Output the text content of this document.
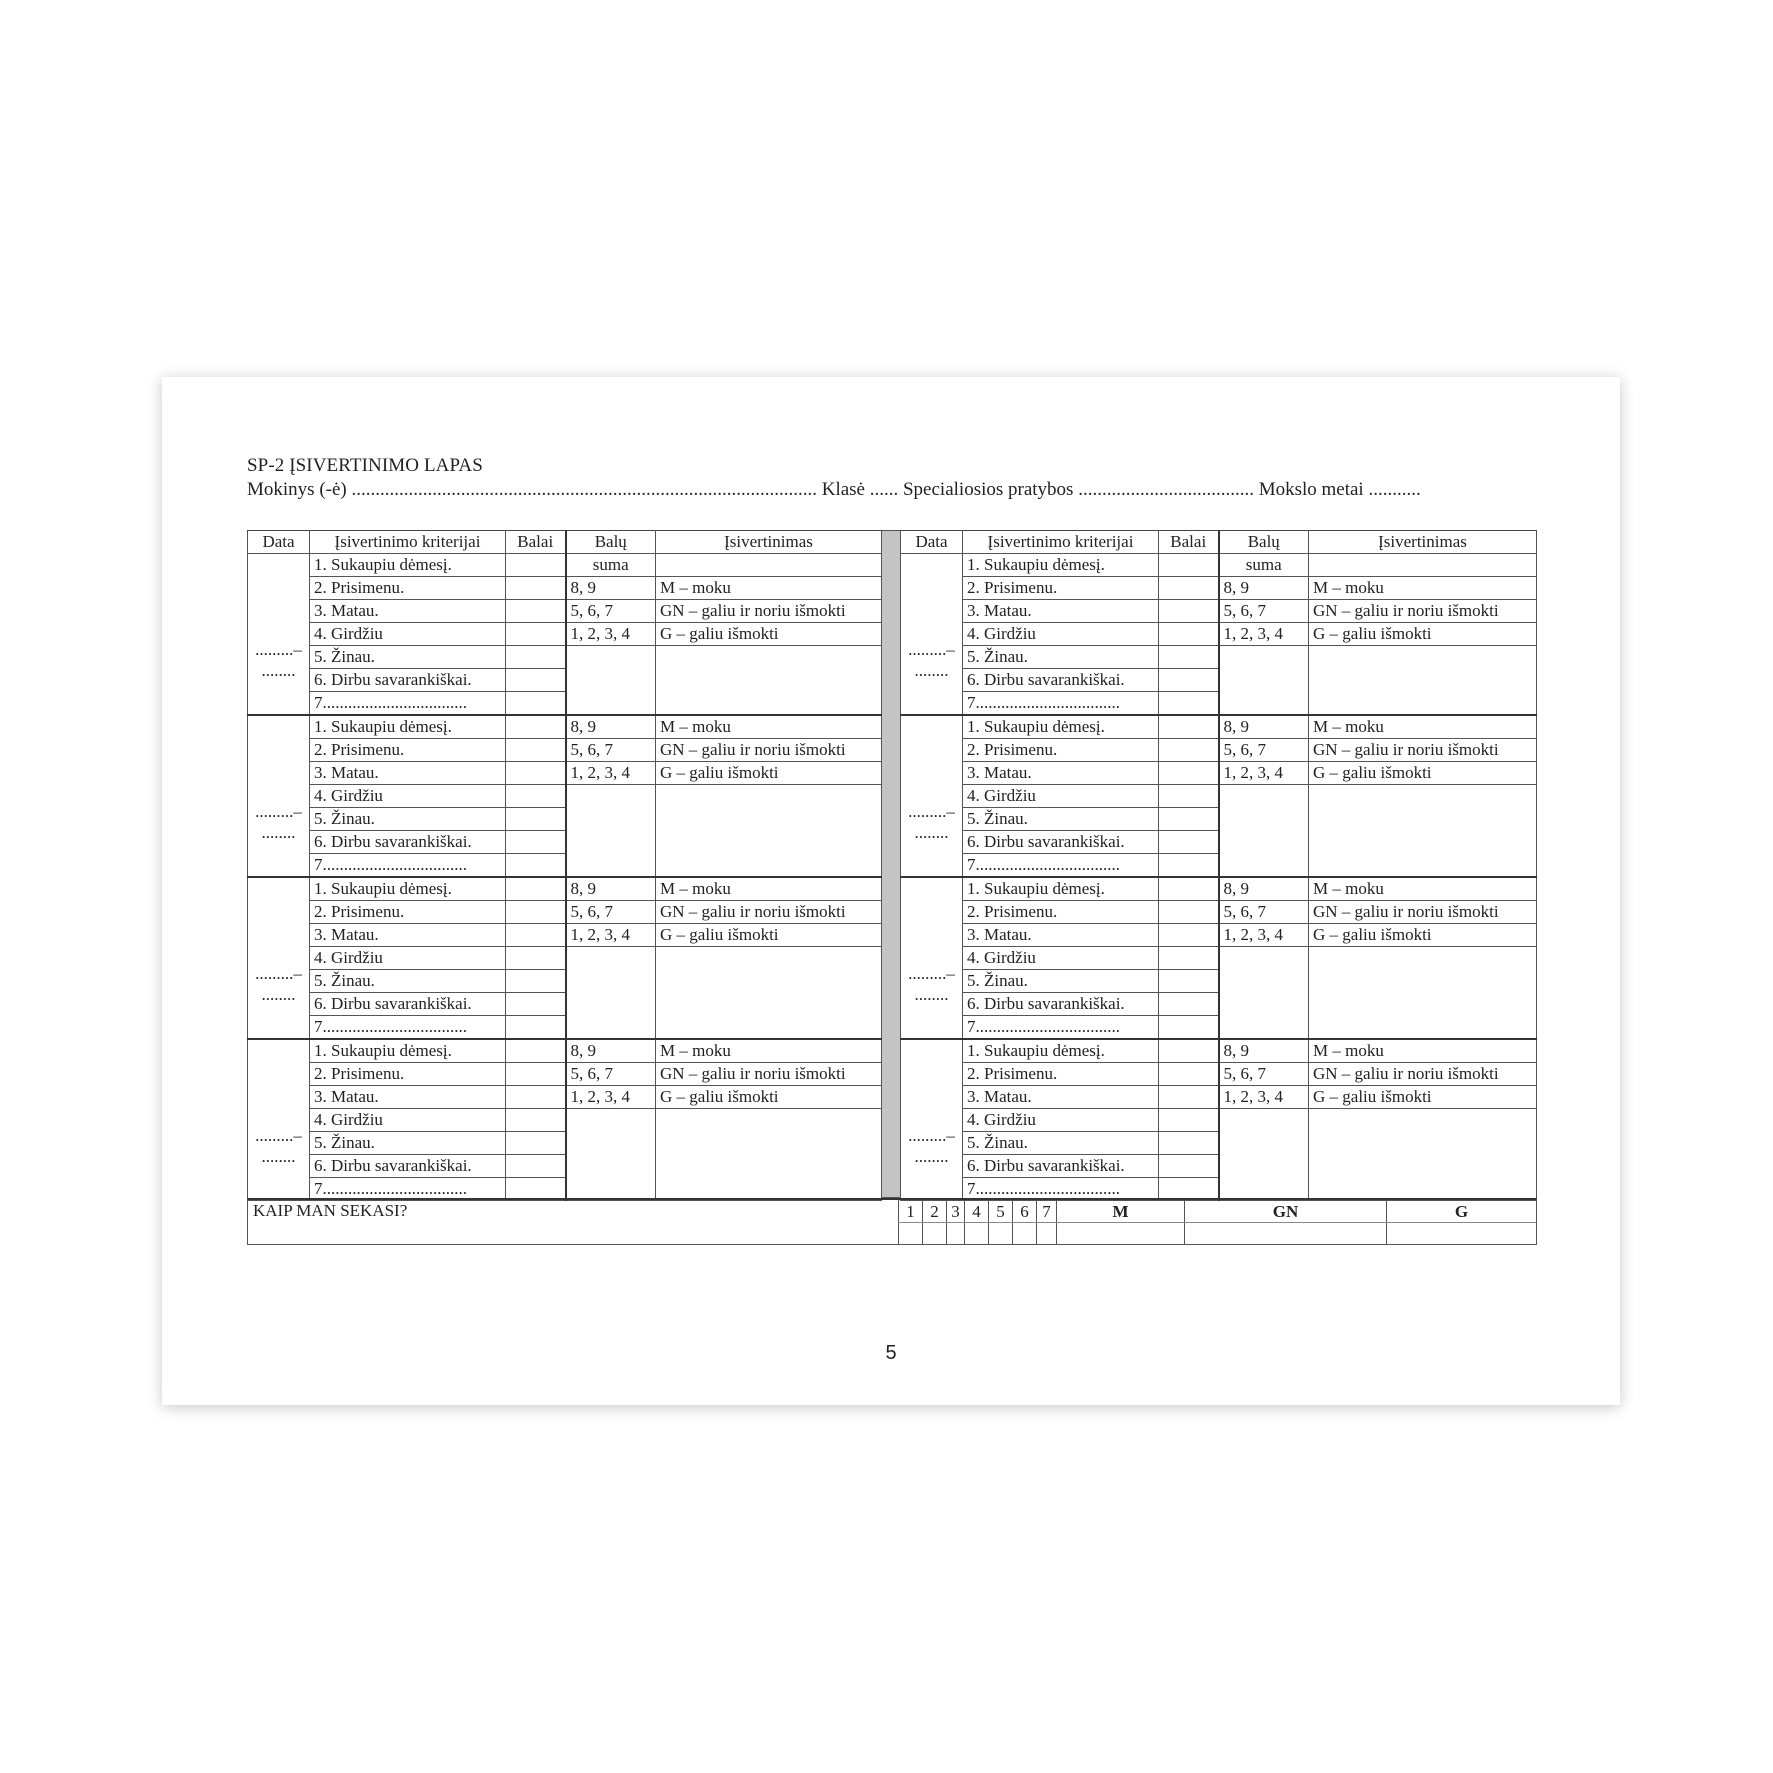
SP-2 ĮSIVERTINIMO LAPAS
Mokinys (-ė) .................................................................................................. Klasė ...... Specialiosios pratybos ..................................... Mokslo metai ...........
Data	Įsivertinimo kriterijai	Balai	Balų	Įsivertinimas

.........–
........	1. Sukaupiu dėmesį.		suma	
	2. Prisimenu.		8, 9	M – moku
	3. Matau.		5, 6, 7	GN – galiu ir noriu išmokti
	4. Girdžiu		1, 2, 3, 4	G – galiu išmokti
	5. Žinau.			
	6. Dirbu savarankiškai.			
	7..................................			

.........–
........	1. Sukaupiu dėmesį.		8, 9	M – moku
	2. Prisimenu.		5, 6, 7	GN – galiu ir noriu išmokti
	3. Matau.		1, 2, 3, 4	G – galiu išmokti
	4. Girdžiu			
	5. Žinau.			
	6. Dirbu savarankiškai.			
	7..................................			

.........–
........	1. Sukaupiu dėmesį.		8, 9	M – moku
	2. Prisimenu.		5, 6, 7	GN – galiu ir noriu išmokti
	3. Matau.		1, 2, 3, 4	G – galiu išmokti
	4. Girdžiu			
	5. Žinau.			
	6. Dirbu savarankiškai.			
	7..................................			

.........–
........	1. Sukaupiu dėmesį.		8, 9	M – moku
	2. Prisimenu.		5, 6, 7	GN – galiu ir noriu išmokti
	3. Matau.		1, 2, 3, 4	G – galiu išmokti
	4. Girdžiu			
	5. Žinau.			
	6. Dirbu savarankiškai.			
	7..................................			
Data	Įsivertinimo kriterijai	Balai	Balų	Įsivertinimas

.........–
........	1. Sukaupiu dėmesį.		suma	
	2. Prisimenu.		8, 9	M – moku
	3. Matau.		5, 6, 7	GN – galiu ir noriu išmokti
	4. Girdžiu		1, 2, 3, 4	G – galiu išmokti
	5. Žinau.			
	6. Dirbu savarankiškai.			
	7..................................			

.........–
........	1. Sukaupiu dėmesį.		8, 9	M – moku
	2. Prisimenu.		5, 6, 7	GN – galiu ir noriu išmokti
	3. Matau.		1, 2, 3, 4	G – galiu išmokti
	4. Girdžiu			
	5. Žinau.			
	6. Dirbu savarankiškai.			
	7..................................			

.........–
........	1. Sukaupiu dėmesį.		8, 9	M – moku
	2. Prisimenu.		5, 6, 7	GN – galiu ir noriu išmokti
	3. Matau.		1, 2, 3, 4	G – galiu išmokti
	4. Girdžiu			
	5. Žinau.			
	6. Dirbu savarankiškai.			
	7..................................			

.........–
........	1. Sukaupiu dėmesį.		8, 9	M – moku
	2. Prisimenu.		5, 6, 7	GN – galiu ir noriu išmokti
	3. Matau.		1, 2, 3, 4	G – galiu išmokti
	4. Girdžiu			
	5. Žinau.			
	6. Dirbu savarankiškai.			
	7..................................			
KAIP MAN SEKASI?	1	2	3	4	5	6	7	M	GN	G

5
